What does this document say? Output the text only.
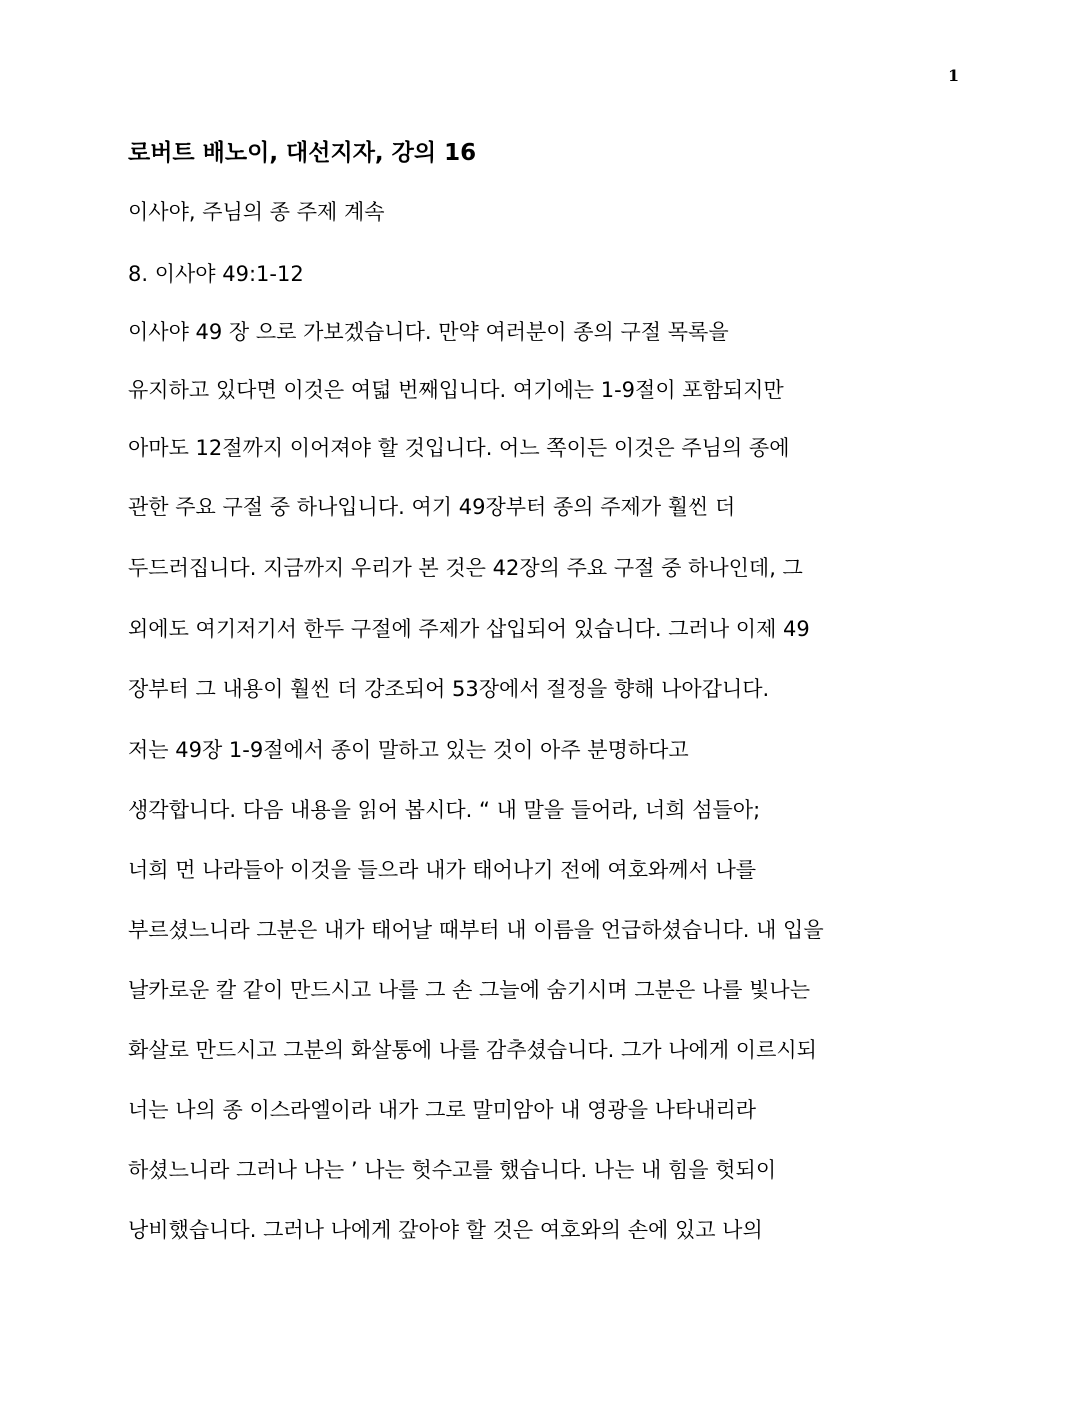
1
로버트 배노이, 대선지자, 강의 16
이사야, 주님의 종 주제 계속
8. 이사야 49:1-12
이사야 49 장 으로 가보겠습니다. 만약 여러분이 종의 구절 목록을
유지하고 있다면 이것은 여덟 번째입니다. 여기에는 1-9절이 포함되지만
아마도 12절까지 이어져야 할 것입니다. 어느 쪽이든 이것은 주님의 종에
관한 주요 구절 중 하나입니다. 여기 49장부터 종의 주제가 훨씬 더
두드러집니다. 지금까지 우리가 본 것은 42장의 주요 구절 중 하나인데, 그
외에도 여기저기서 한두 구절에 주제가 삽입되어 있습니다. 그러나 이제 49
장부터 그 내용이 훨씬 더 강조되어 53장에서 절정을 향해 나아갑니다.
저는 49장 1-9절에서 종이 말하고 있는 것이 아주 분명하다고
생각합니다. 다음 내용을 읽어 봅시다. “ 내 말을 들어라, 너희 섬들아;
너희 먼 나라들아 이것을 들으라 내가 태어나기 전에 여호와께서 나를
부르셨느니라 그분은 내가 태어날 때부터 내 이름을 언급하셨습니다. 내 입을
날카로운 칼 같이 만드시고 나를 그 손 그늘에 숨기시며 그분은 나를 빛나는
화살로 만드시고 그분의 화살통에 나를 감추셨습니다. 그가 나에게 이르시되
너는 나의 종 이스라엘이라 내가 그로 말미암아 내 영광을 나타내리라
하셨느니라 그러나 나는 ’ 나는 헛수고를 했습니다. 나는 내 힘을 헛되이
낭비했습니다. 그러나 나에게 갚아야 할 것은 여호와의 손에 있고 나의
